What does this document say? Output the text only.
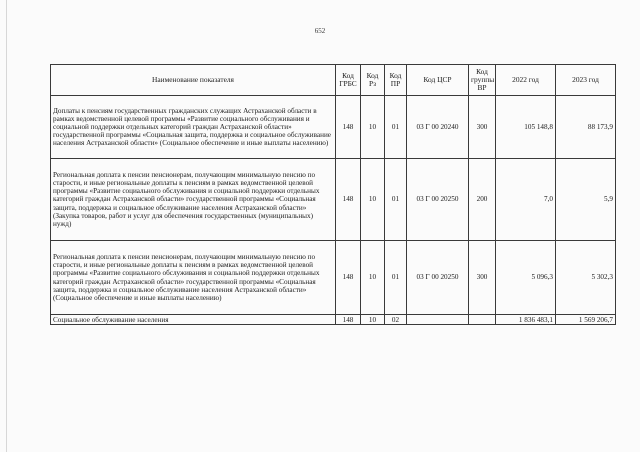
652
Наименование показателя	Код ГРБС	Код Рз	Код ПР	Код ЦСР	Код группы ВР	2022 год	2023 год
Доплаты к пенсиям государственных гражданских служащих Астраханской области в рамках ведомственной целевой программы «Развитие социального обслуживания и социальной поддержки отдельных категорий граждан Астраханской области» государственной программы «Социальная защита, поддержка и социальное обслуживание населения Астраханской области» (Социальное обеспечение и иные выплаты населению)	148	10	01	03 Г 00 20240	300	105 148,8	88 173,9
Региональная доплата к пенсии пенсионерам, получающим минимальную пенсию по старости, и иные региональные доплаты к пенсиям в рамках ведомственной целевой программы «Развитие социального обслуживания и социальной поддержки отдельных категорий граждан Астраханской области» государственной программы «Социальная защита, поддержка и социальное обслуживание населения Астраханской области» (Закупка товаров, работ и услуг для обеспечения государственных (муниципальных) нужд)	148	10	01	03 Г 00 20250	200	7,0	5,9
Региональная доплата к пенсии пенсионерам, получающим минимальную пенсию по старости, и иные региональные доплаты к пенсиям в рамках ведомственной целевой программы «Развитие социального обслуживания и социальной поддержки отдельных категорий граждан Астраханской области» государственной программы «Социальная защита, поддержка и социальное обслуживание населения Астраханской области» (Социальное обеспечение и иные выплаты населению)	148	10	01	03 Г 00 20250	300	5 096,3	5 302,3
Социальное обслуживание населения	148	10	02			1 836 483,1	1 569 206,7
